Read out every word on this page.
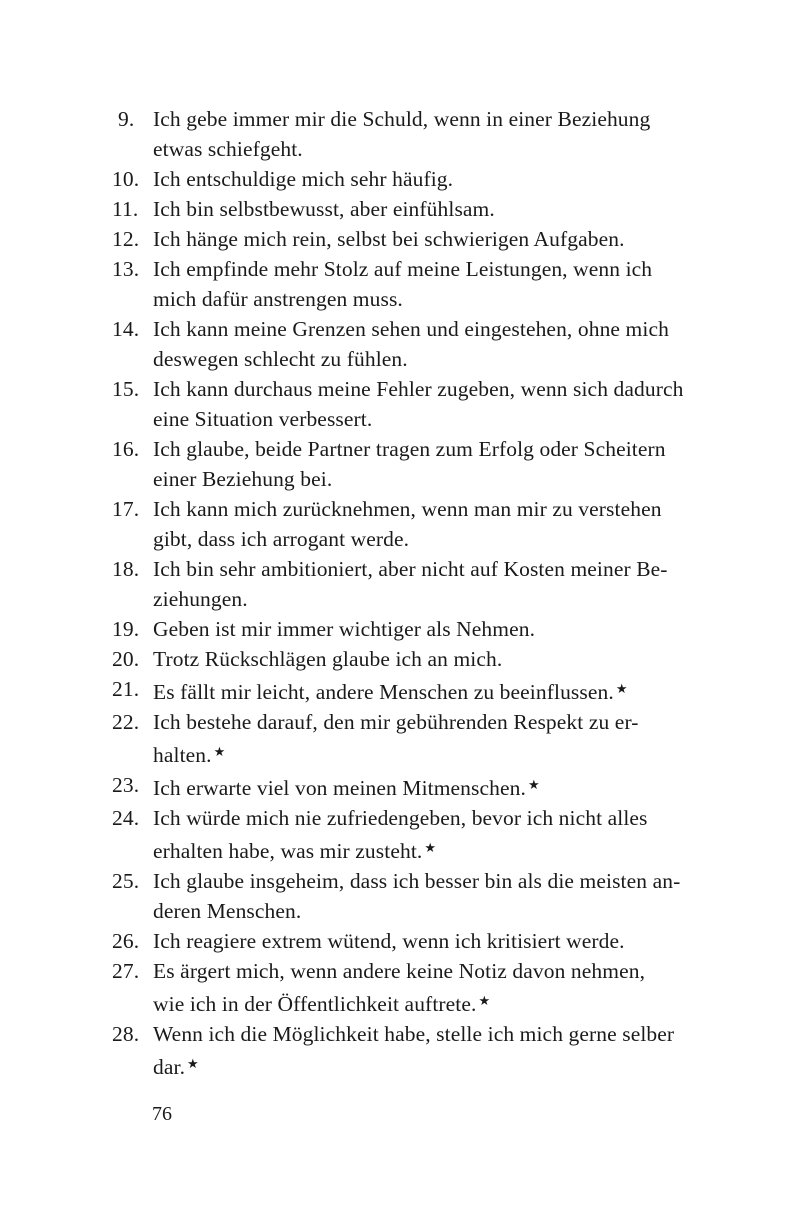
9. Ich gebe immer mir die Schuld, wenn in einer Beziehung
etwas schiefgeht.
10. Ich entschuldige mich sehr häufig.
11. Ich bin selbstbewusst, aber einfühlsam.
12. Ich hänge mich rein, selbst bei schwierigen Aufgaben.
13. Ich empfinde mehr Stolz auf meine Leistungen, wenn ich
mich dafür anstrengen muss.
14. Ich kann meine Grenzen sehen und eingestehen, ohne mich
deswegen schlecht zu fühlen.
15. Ich kann durchaus meine Fehler zugeben, wenn sich dadurch
eine Situation verbessert.
16. Ich glaube, beide Partner tragen zum Erfolg oder Scheitern
einer Beziehung bei.
17. Ich kann mich zurücknehmen, wenn man mir zu verstehen
gibt, dass ich arrogant werde.
18. Ich bin sehr ambitioniert, aber nicht auf Kosten meiner Be-
ziehungen.
19. Geben ist mir immer wichtiger als Nehmen.
20. Trotz Rückschlägen glaube ich an mich.
21. Es fällt mir leicht, andere Menschen zu beeinflussen. ★
22. Ich bestehe darauf, den mir gebührenden Respekt zu er-
halten. ★
23. Ich erwarte viel von meinen Mitmenschen. ★
24. Ich würde mich nie zufriedengeben, bevor ich nicht alles
erhalten habe, was mir zusteht. ★
25. Ich glaube insgeheim, dass ich besser bin als die meisten an-
deren Menschen.
26. Ich reagiere extrem wütend, wenn ich kritisiert werde.
27. Es ärgert mich, wenn andere keine Notiz davon nehmen,
wie ich in der Öffentlichkeit auftrete. ★
28. Wenn ich die Möglichkeit habe, stelle ich mich gerne selber
dar. ★
76
